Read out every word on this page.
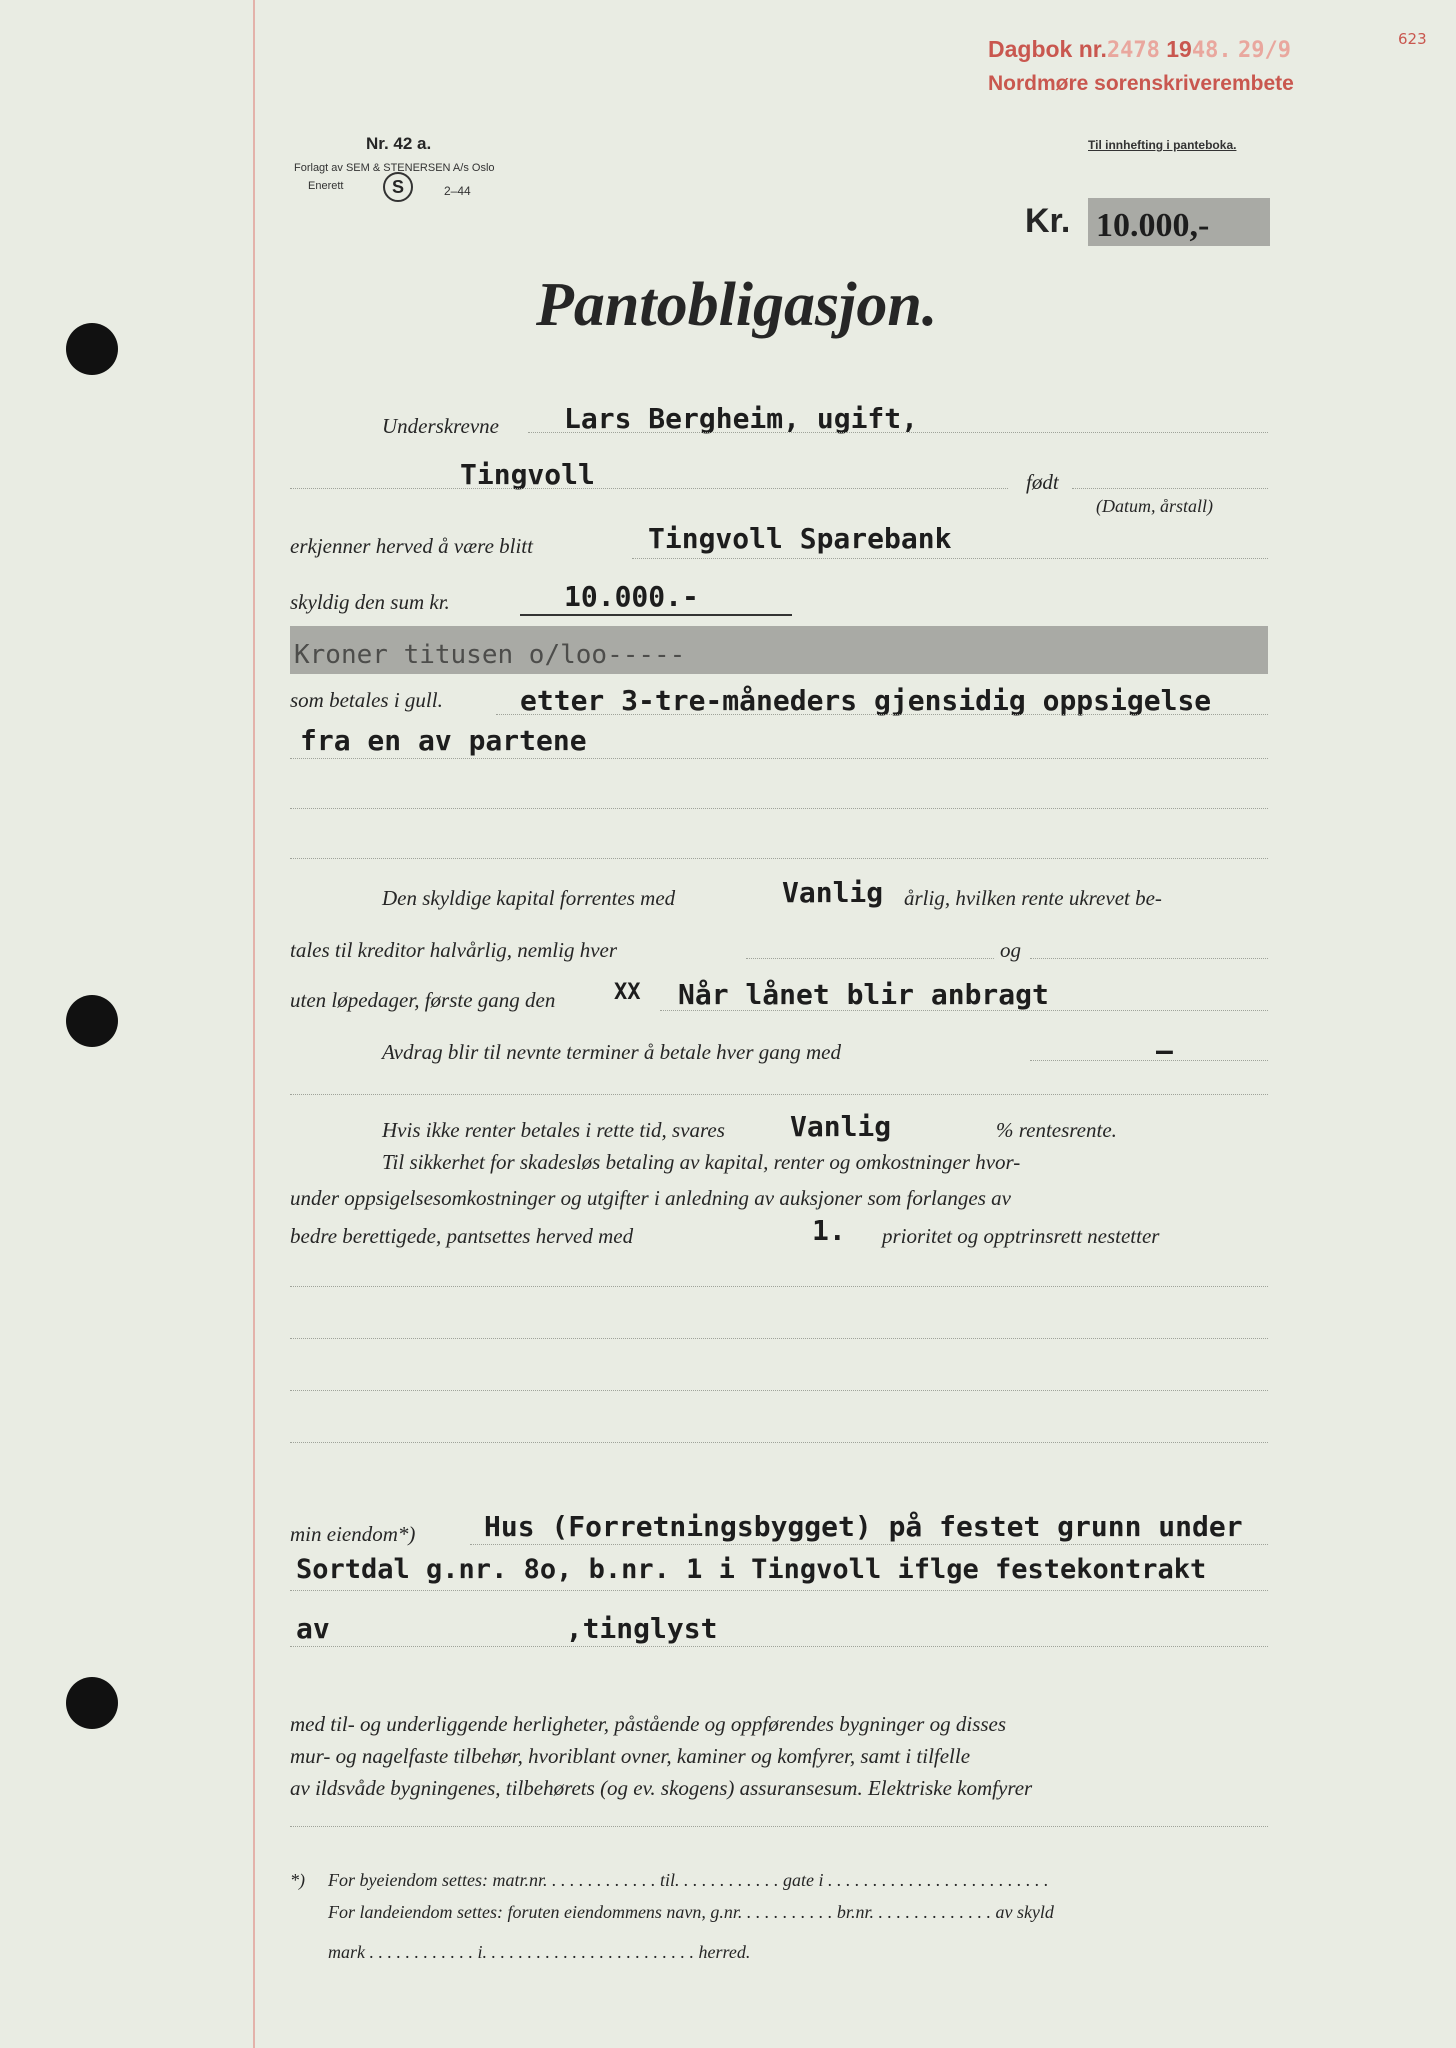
Dagbok nr.2478 1948. 29/9
Nordmøre sorenskriverembete
623
Nr. 42 a.
Forlagt av SEM & STENERSEN A/s Oslo
Enerett	S	2–44
Til innhefting i panteboka.
Kr. 10.000,-
Pantobligasjon.
Underskrevne Lars Bergheim, ugift,
Tingvoll	født
(Datum, årstall)
erkjenner herved å være blitt	Tingvoll Sparebank
skyldig den sum kr.	10.000.-
Kroner titusen o/loo-----
som betales i gull.	etter 3-tre-måneders gjensidig oppsigelse
fra en av partene
Den skyldige kapital forrentes med	Vanlig årlig, hvilken rente ukrevet be-
tales til kreditor halvårlig, nemlig hver	og
uten løpedager, første gang den	XX Når lånet blir anbragt
Avdrag blir til nevnte terminer å betale hver gang med	–
Hvis ikke renter betales i rette tid, svares Vanlig	% rentesrente.
Til sikkerhet for skadesløs betaling av kapital, renter og omkostninger hvor-
under oppsigelsesomkostninger og utgifter i anledning av auksjoner som forlanges av
bedre berettigede, pantsettes herved med	1. prioritet og opptrinsrett nestetter
min eiendom*) Hus (Forretningsbygget) på festet grunn under
Sortdal g.nr. 8o, b.nr. 1 i Tingvoll iflge festekontrakt
av              ,tinglyst
med til- og underliggende herligheter, påstående og oppførendes bygninger og disses
mur- og nagelfaste tilbehør, hvoriblant ovner, kaminer og komfyrer, samt i tilfelle
av ildsvåde bygningenes, tilbehørets (og ev. skogens) assuransesum. Elektriske komfyrer
*) For byeiendom settes: matr.nr. . . . . . . . . . . . . til. . . . . . . . . . . . gate i . . . . . . . . . . . . . . . . . . . . . . . . .
For landeiendom settes: foruten eiendommens navn, g.nr. . . . . . . . . . . br.nr. . . . . . . . . . . . . . av skyld
mark . . . . . . . . . . . . i. . . . . . . . . . . . . . . . . . . . . . . . herred.
